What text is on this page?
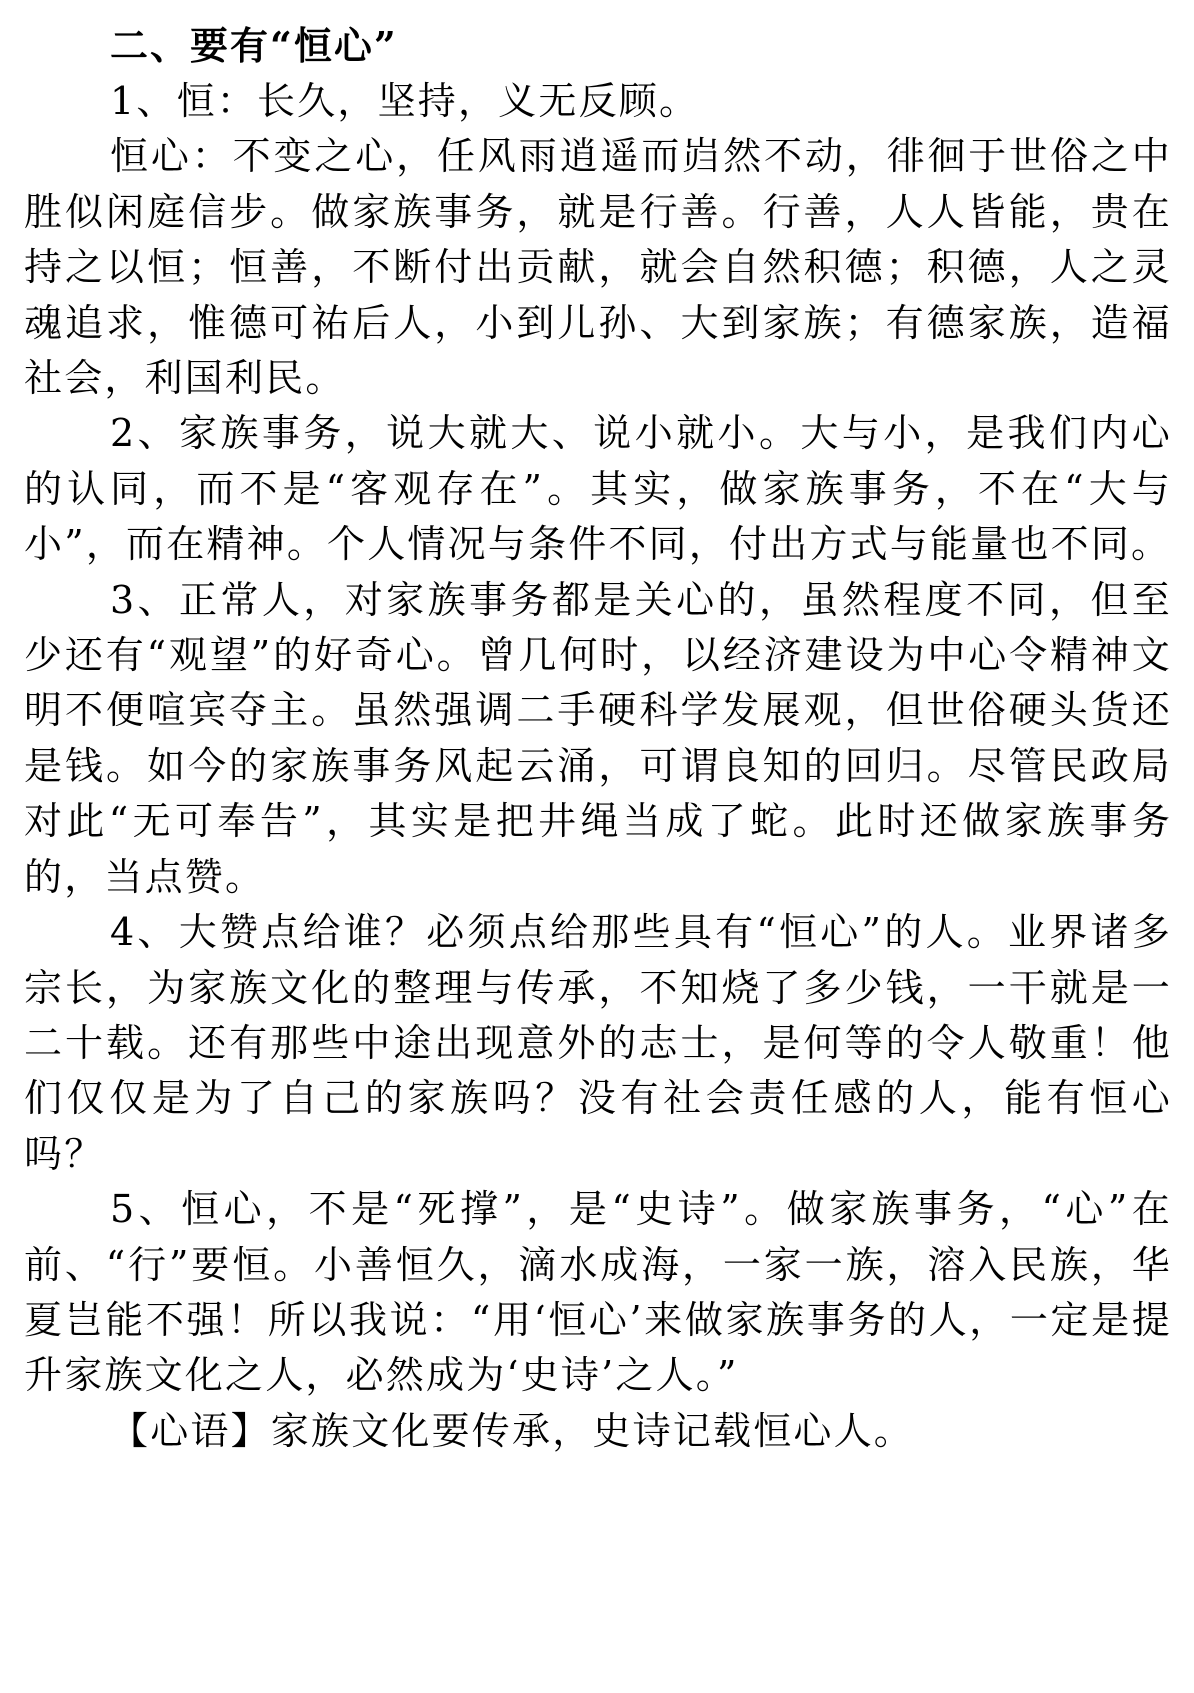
二、要有“恒心”

1、恒：长久，坚持，义无反顾。

恒心：不变之心，任风雨逍遥而岿然不动，徘徊于世俗之中胜似闲庭信步。做家族事务，就是行善。行善，人人皆能，贵在持之以恒；恒善，不断付出贡献，就会自然积德；积德，人之灵魂追求，惟德可祐后人，小到儿孙、大到家族；有德家族，造福社会，利国利民。

2、家族事务，说大就大、说小就小。大与小，是我们内心的认同，而不是“客观存在”。其实，做家族事务，不在“大与小”，而在精神。个人情况与条件不同，付出方式与能量也不同。

3、正常人，对家族事务都是关心的，虽然程度不同，但至少还有“观望”的好奇心。曾几何时，以经济建设为中心令精神文明不便喧宾夺主。虽然强调二手硬科学发展观，但世俗硬头货还是钱。如今的家族事务风起云涌，可谓良知的回归。尽管民政局对此“无可奉告”，其实是把井绳当成了蛇。此时还做家族事务的，当点赞。

4、大赞点给谁？必须点给那些具有“恒心”的人。业界诸多宗长，为家族文化的整理与传承，不知烧了多少钱，一干就是一二十载。还有那些中途出现意外的志士，是何等的令人敬重！他们仅仅是为了自己的家族吗？没有社会责任感的人，能有恒心吗？

5、恒心，不是“死撑”，是“史诗”。做家族事务，“心”在前、“行”要恒。小善恒久，滴水成海，一家一族，溶入民族，华夏岂能不强！所以我说：“用‘恒心’来做家族事务的人，一定是提升家族文化之人，必然成为‘史诗’之人。”

【心语】家族文化要传承，史诗记载恒心人。
